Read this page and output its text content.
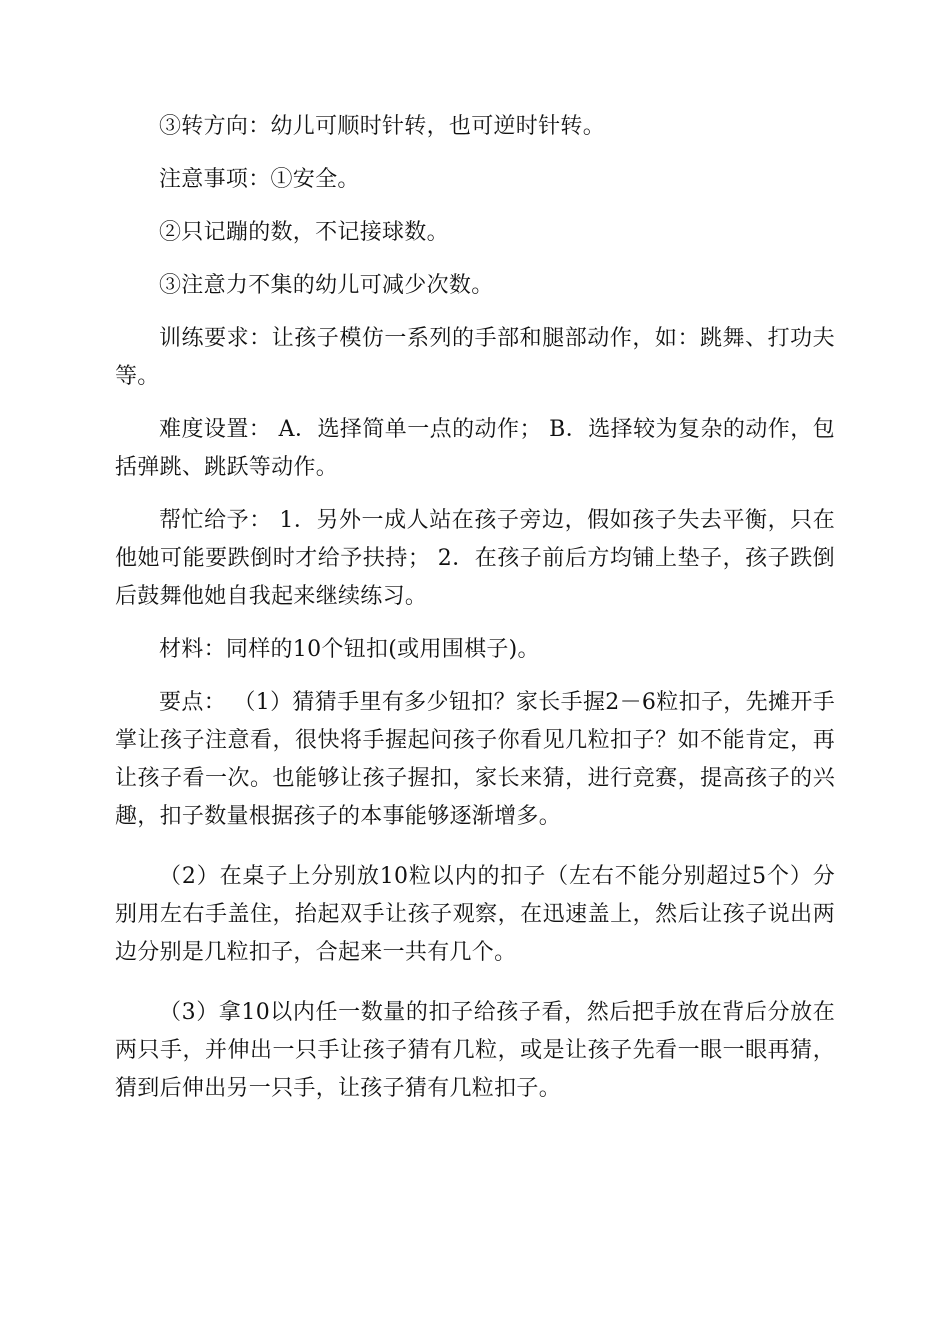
③转方向：幼儿可顺时针转，也可逆时针转。

注意事项：①安全。

②只记蹦的数，不记接球数。

③注意力不集的幼儿可减少次数。

训练要求：让孩子模仿一系列的手部和腿部动作，如：跳舞、打功夫等。

难度设置： A．选择简单一点的动作； B．选择较为复杂的动作，包括弹跳、跳跃等动作。

帮忙给予： 1．另外一成人站在孩子旁边，假如孩子失去平衡，只在他她可能要跌倒时才给予扶持； 2．在孩子前后方均铺上垫子，孩子跌倒后鼓舞他她自我起来继续练习。

材料：同样的10个钮扣(或用围棋子)。

要点： （1）猜猜手里有多少钮扣？家长手握2－6粒扣子，先摊开手掌让孩子注意看，很快将手握起问孩子你看见几粒扣子？如不能肯定，再让孩子看一次。也能够让孩子握扣，家长来猜，进行竞赛，提高孩子的兴趣，扣子数量根据孩子的本事能够逐渐增多。

（2）在桌子上分别放10粒以内的扣子（左右不能分别超过5个）分别用左右手盖住，抬起双手让孩子观察，在迅速盖上，然后让孩子说出两边分别是几粒扣子，合起来一共有几个。

（3）拿10以内任一数量的扣子给孩子看，然后把手放在背后分放在两只手，并伸出一只手让孩子猜有几粒，或是让孩子先看一眼一眼再猜，猜到后伸出另一只手，让孩子猜有几粒扣子。
